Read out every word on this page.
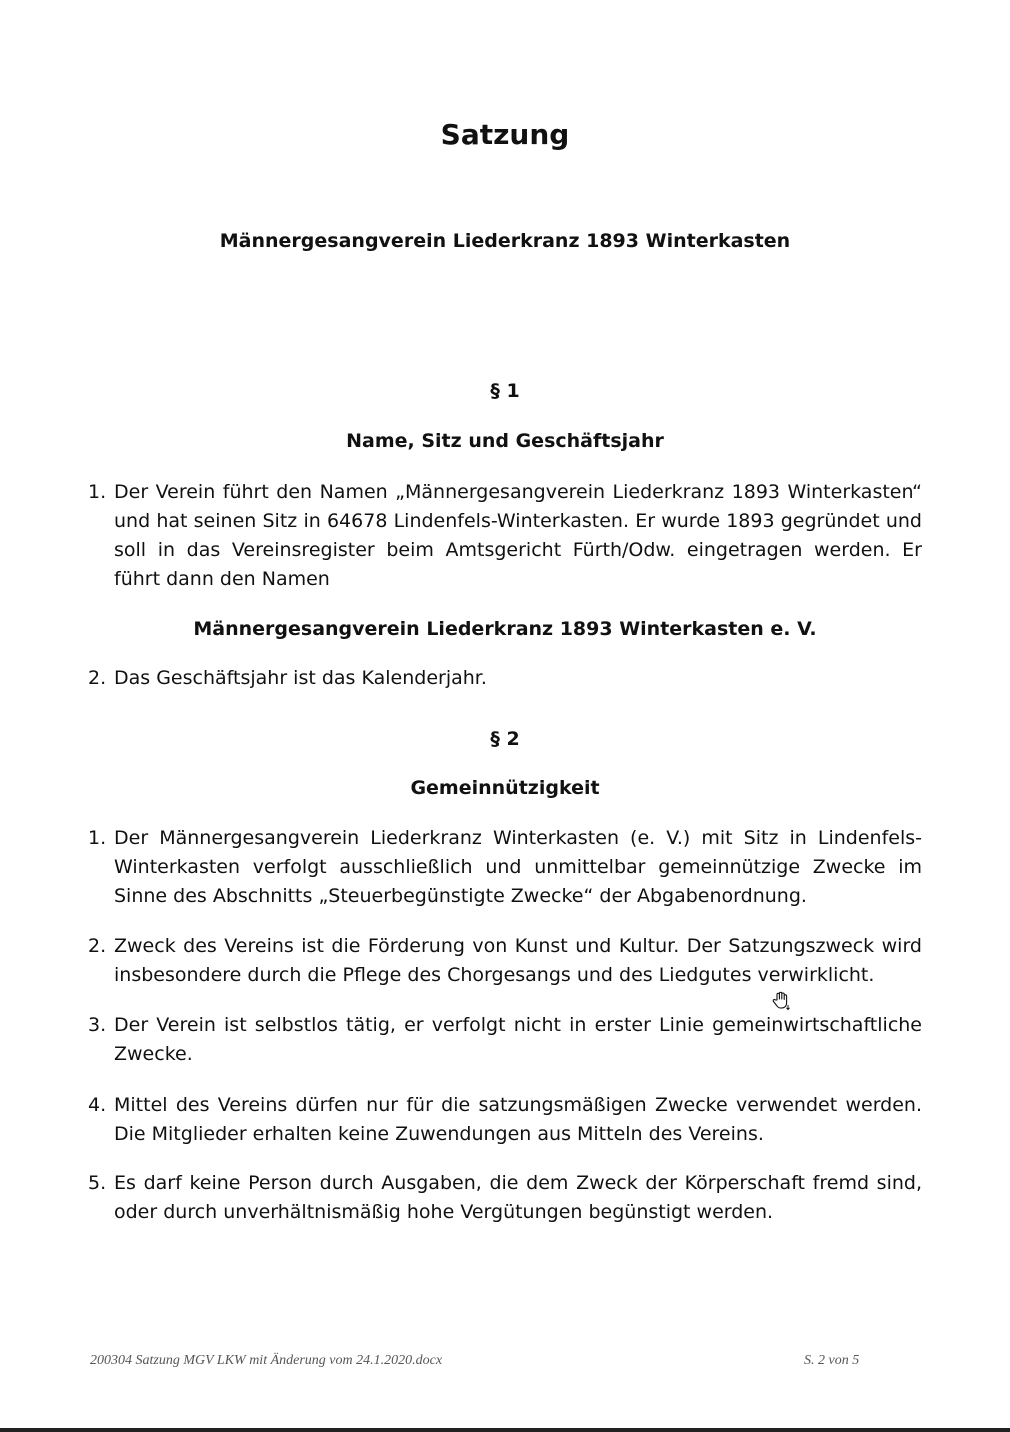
Satzung
Männergesangverein Liederkranz 1893 Winterkasten
§ 1
Name, Sitz und Geschäftsjahr
1. Der Verein führt den Namen „Männergesangverein Liederkranz 1893 Winterkasten“ und hat seinen Sitz in 64678 Lindenfels-Winterkasten. Er wurde 1893 gegründet und soll in das Vereinsregister beim Amtsgericht Fürth/Odw. eingetragen werden. Er führt dann den Namen
Männergesangverein Liederkranz 1893 Winterkasten e. V.
2. Das Geschäftsjahr ist das Kalenderjahr.
§ 2
Gemeinnützigkeit
1. Der Männergesangverein Liederkranz Winterkasten (e. V.) mit Sitz in Lindenfels-Winterkasten verfolgt ausschließlich und unmittelbar gemeinnützige Zwecke im Sinne des Abschnitts „Steuerbegünstigte Zwecke“ der Abgabenordnung.
2. Zweck des Vereins ist die Förderung von Kunst und Kultur. Der Satzungszweck wird insbesondere durch die Pflege des Chorgesangs und des Liedgutes verwirklicht.
3. Der Verein ist selbstlos tätig, er verfolgt nicht in erster Linie gemeinwirtschaftliche Zwecke.
4. Mittel des Vereins dürfen nur für die satzungsmäßigen Zwecke verwendet werden. Die Mitglieder erhalten keine Zuwendungen aus Mitteln des Vereins.
5. Es darf keine Person durch Ausgaben, die dem Zweck der Körperschaft fremd sind, oder durch unverhältnismäßig hohe Vergütungen begünstigt werden.
200304 Satzung MGV LKW mit Änderung vom 24.1.2020.docx	S. 2 von 5
